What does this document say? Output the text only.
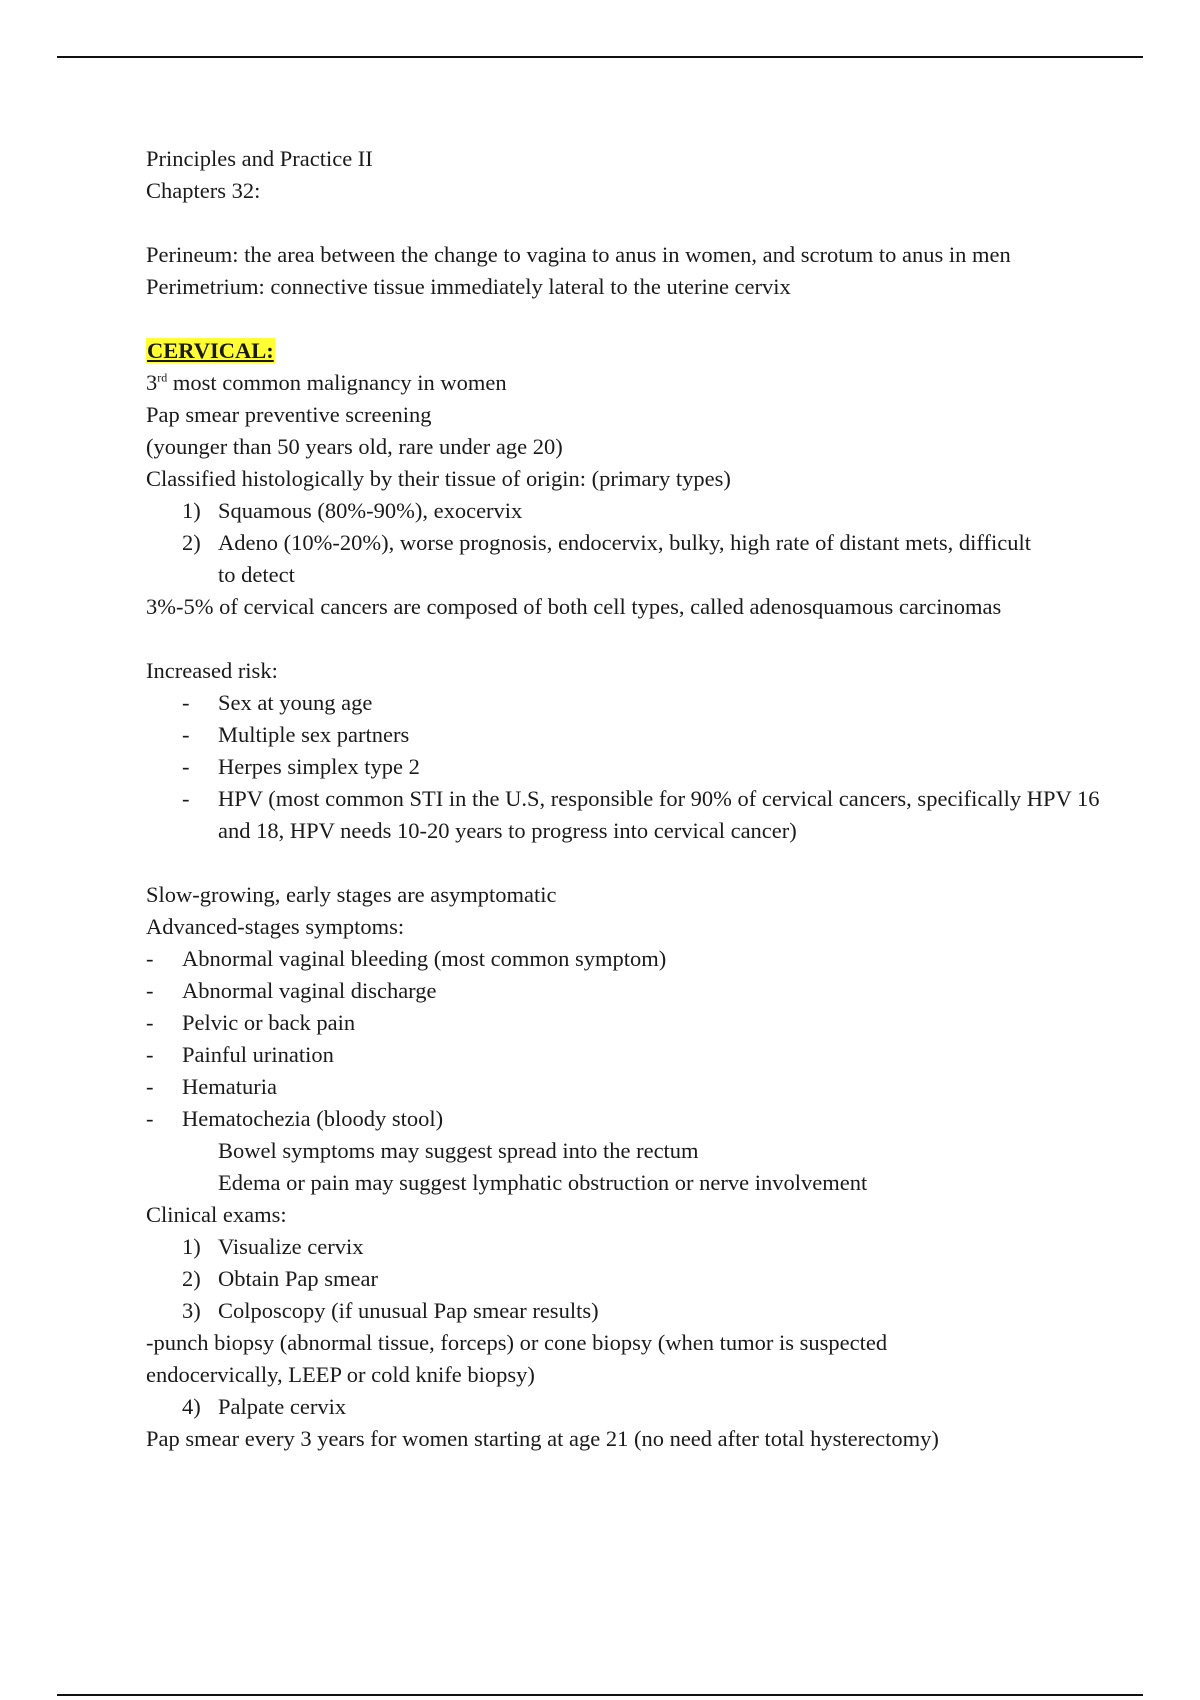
Principles and Practice II
Chapters 32:
Perineum: the area between the change to vagina to anus in women, and scrotum to anus in men
Perimetrium: connective tissue immediately lateral to the uterine cervix
CERVICAL:
3rd most common malignancy in women
Pap smear preventive screening
(younger than 50 years old, rare under age 20)
Classified histologically by their tissue of origin: (primary types)
1) Squamous (80%-90%), exocervix
2) Adeno (10%-20%), worse prognosis, endocervix, bulky, high rate of distant mets, difficult to detect
3%-5% of cervical cancers are composed of both cell types, called adenosquamous carcinomas
Increased risk:
- Sex at young age
- Multiple sex partners
- Herpes simplex type 2
- HPV (most common STI in the U.S, responsible for 90% of cervical cancers, specifically HPV 16 and 18, HPV needs 10-20 years to progress into cervical cancer)
Slow-growing, early stages are asymptomatic
Advanced-stages symptoms:
- Abnormal vaginal bleeding (most common symptom)
- Abnormal vaginal discharge
- Pelvic or back pain
- Painful urination
- Hematuria
- Hematochezia (bloody stool)
Bowel symptoms may suggest spread into the rectum
Edema or pain may suggest lymphatic obstruction or nerve involvement
Clinical exams:
1) Visualize cervix
2) Obtain Pap smear
3) Colposcopy (if unusual Pap smear results)
-punch biopsy (abnormal tissue, forceps) or cone biopsy (when tumor is suspected endocervically, LEEP or cold knife biopsy)
4) Palpate cervix
Pap smear every 3 years for women starting at age 21 (no need after total hysterectomy)
